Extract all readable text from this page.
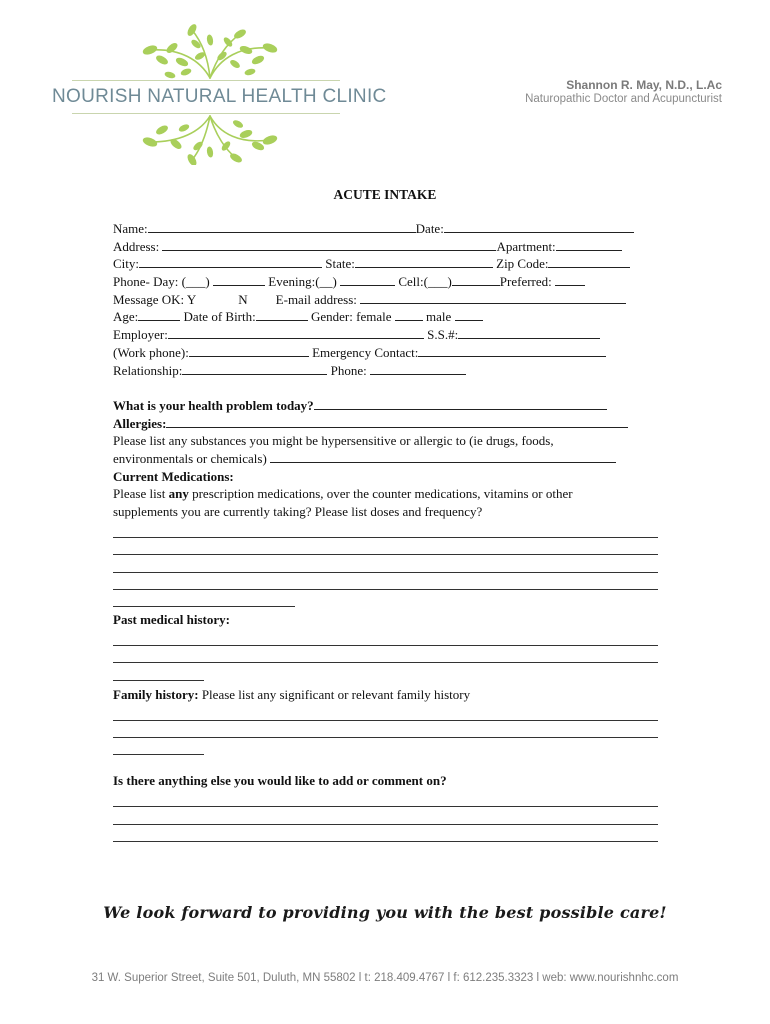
NOURISH NATURAL HEALTH CLINIC
Shannon R. May, N.D., L.Ac
Naturopathic Doctor and Acupuncturist
ACUTE INTAKE
Name:	Date:
Address:	Apartment:
City:	State:	Zip Code:
Phone- Day: (___)	Evening:(__)	Cell:(___)	Preferred:
Message OK: Y	N E-mail address:
Age:	Date of Birth:	Gender: female	male
Employer:	S.S.#:
(Work phone):	Emergency Contact:
Relationship:	Phone:
What is your health problem today?
Allergies:
Please list any substances you might be hypersensitive or allergic to (ie drugs, foods,
environmentals or chemicals)
Current Medications:
Please list any prescription medications, over the counter medications, vitamins or other
supplements you are currently taking? Please list doses and frequency?
Past medical history:
Family history: Please list any significant or relevant family history
Is there anything else you would like to add or comment on?
We look forward to providing you with the best possible care!
31 W. Superior Street, Suite 501, Duluth, MN 55802 l t: 218.409.4767 l f: 612.235.3323 l web: www.nourishnhc.com
